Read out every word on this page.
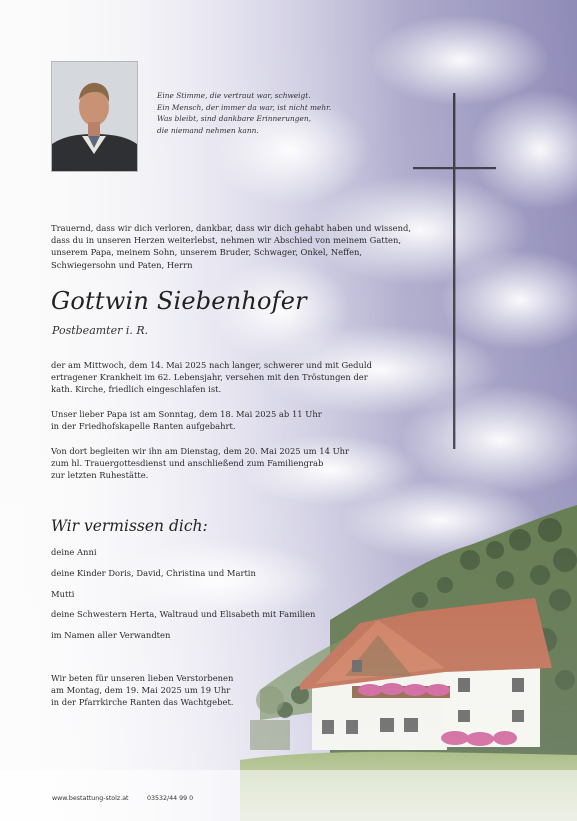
Eine Stimme, die vertraut war, schweigt.
Ein Mensch, der immer da war, ist nicht mehr.
Was bleibt, sind dankbare Erinnerungen,
die niemand nehmen kann.
Trauernd, dass wir dich verloren, dankbar, dass wir dich gehabt haben und wissend,
dass du in unseren Herzen weiterlebst, nehmen wir Abschied von meinem Gatten,
unserem Papa, meinem Sohn, unserem Bruder, Schwager, Onkel, Neffen,
Schwiegersohn und Paten, Herrn
Gottwin Siebenhofer
Postbeamter i. R.
der am Mittwoch, dem 14. Mai 2025 nach langer, schwerer und mit Geduld
ertragener Krankheit im 62. Lebensjahr, versehen mit den Tröstungen der
kath. Kirche, friedlich eingeschlafen ist.
Unser lieber Papa ist am Sonntag, dem 18. Mai 2025 ab 11 Uhr
in der Friedhofskapelle Ranten aufgebahrt.
Von dort begleiten wir ihn am Dienstag, dem 20. Mai 2025 um 14 Uhr
zum hl. Trauergottesdienst und anschließend zum Familiengrab
zur letzten Ruhestätte.
Wir vermissen dich:
deine Anni
deine Kinder Doris, David, Christina und Martin
Mutti
deine Schwestern Herta, Waltraud und Elisabeth mit Familien
im Namen aller Verwandten
Wir beten für unseren lieben Verstorbenen
am Montag, dem 19. Mai 2025 um 19 Uhr
in der Pfarrkirche Ranten das Wachtgebet.
www.bestattung-stolz.at	03532/44 99 0
